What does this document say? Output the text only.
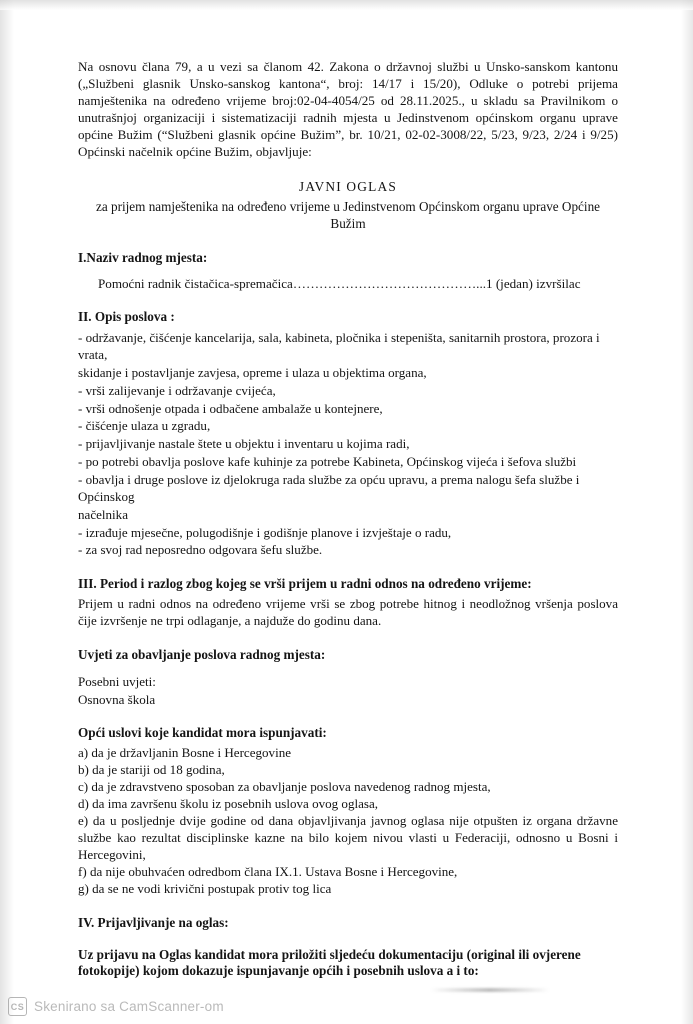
Na osnovu člana 79, a u vezi sa članom 42. Zakona o državnoj službi u Unsko-sanskom kantonu („Službeni glasnik Unsko-sanskog kantona“, broj: 14/17 i 15/20), Odluke o potrebi prijema namještenika na određeno vrijeme broj:02-04-4054/25 od 28.11.2025., u skladu sa Pravilnikom o unutrašnjoj organizaciji i sistematizaciji radnih mjesta u Jedinstvenom općinskom organu uprave općine Bužim (“Službeni glasnik općine Bužim”, br. 10/21, 02-02-3008/22, 5/23, 9/23, 2/24 i 9/25) Općinski načelnik općine Bužim, objavljuje:

JAVNI OGLAS
za prijem namještenika na određeno vrijeme u Jedinstvenom Općinskom organu uprave Općine
Bužim
I.Naziv radnog mjesta:
Pomoćni radnik čistačica-spremačica……………………………………...1 (jedan) izvršilac
II. Opis poslova :
- održavanje, čišćenje kancelarija, sala, kabineta, pločnika i stepeništa, sanitarnih prostora, prozora i vrata,
skidanje i postavljanje zavjesa, opreme i ulaza u objektima organa,
- vrši zalijevanje i održavanje cvijeća,
- vrši odnošenje otpada i odbačene ambalaže u kontejnere,
- čišćenje ulaza u zgradu,
- prijavljivanje nastale štete u objektu i inventaru u kojima radi,
- po potrebi obavlja poslove kafe kuhinje za potrebe Kabineta, Općinskog vijeća i šefova službi
- obavlja i druge poslove iz djelokruga rada službe za opću upravu, a prema nalogu šefa službe i Općinskog
načelnika
- izrađuje mjesečne, polugodišnje i godišnje planove i izvještaje o radu,
- za svoj rad neposredno odgovara šefu službe.
III. Period i razlog zbog kojeg se vrši prijem u radni odnos na određeno vrijeme:

Prijem u radni odnos na određeno vrijeme vrši se zbog potrebe hitnog i neodložnog vršenja poslova čije izvršenje ne trpi odlaganje, a najduže do godinu dana.

Uvjeti za obavljanje poslova radnog mjesta:
Posebni uvjeti:
Osnovna škola
Opći uslovi koje kandidat mora ispunjavati:
a) da je državljanin Bosne i Hercegovine
b) da je stariji od 18 godina,
c) da je zdravstveno sposoban za obavljanje poslova navedenog radnog mjesta,
d) da ima završenu školu iz posebnih uslova ovog oglasa,
e) da u posljednje dvije godine od dana objavljivanja javnog oglasa nije otpušten iz organa državne službe kao rezultat disciplinske kazne na bilo kojem nivou vlasti u Federaciji, odnosno u Bosni i Hercegovini,
f) da nije obuhvaćen odredbom člana IX.1. Ustava Bosne i Hercegovine,
g) da se ne vodi krivični postupak protiv tog lica
IV. Prijavljivanje na oglas:

Uz prijavu na Oglas kandidat mora priložiti sljedeću dokumentaciju (original ili ovjerene fotokopije) kojom dokazuje ispunjavanje općih i posebnih uslova a i to:

CS Skenirano sa CamScanner-om
